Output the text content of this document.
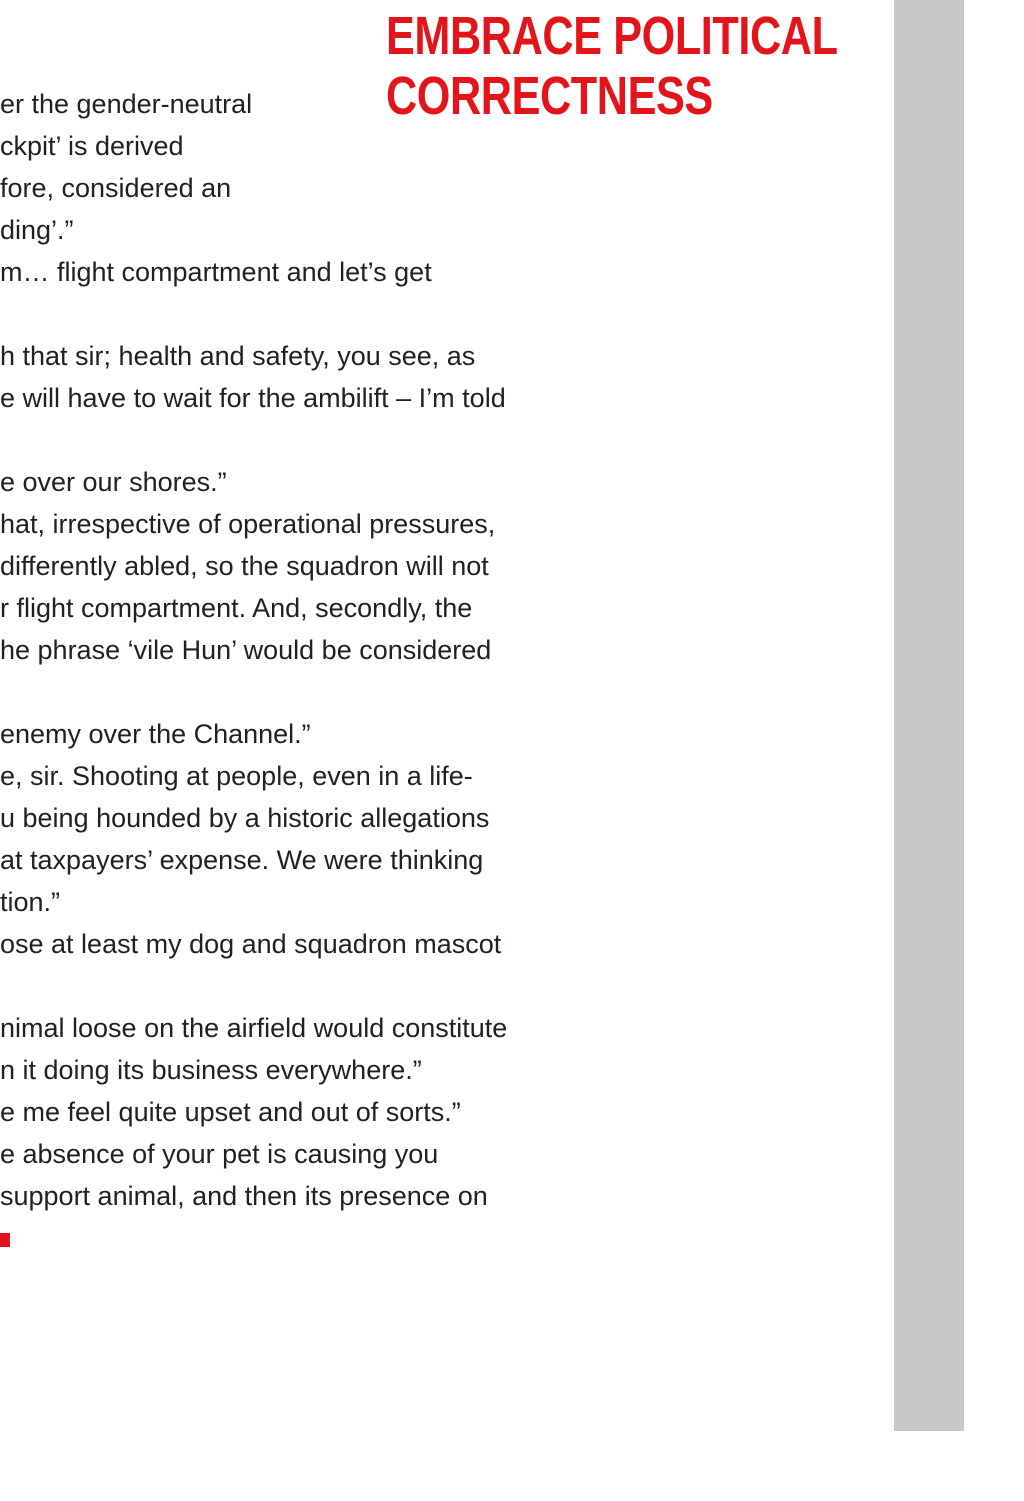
EMBRACE POLITICAL
CORRECTNESS

er the gender-neutral

ckpit’ is derived

fore, considered an

ding’.”

m… flight compartment and let’s get

h that sir; health and safety, you see, as

e will have to wait for the ambilift – I’m told

e over our shores.”

hat, irrespective of operational pressures,

differently abled, so the squadron will not

r flight compartment. And, secondly, the

he phrase ‘vile Hun’ would be considered

enemy over the Channel.”

e, sir. Shooting at people, even in a life-

u being hounded by a historic allegations

at taxpayers’ expense. We were thinking

tion.”

ose at least my dog and squadron mascot

nimal loose on the airfield would constitute

n it doing its business everywhere.”

e me feel quite upset and out of sorts.”

e absence of your pet is causing you

support animal, and then its presence on
